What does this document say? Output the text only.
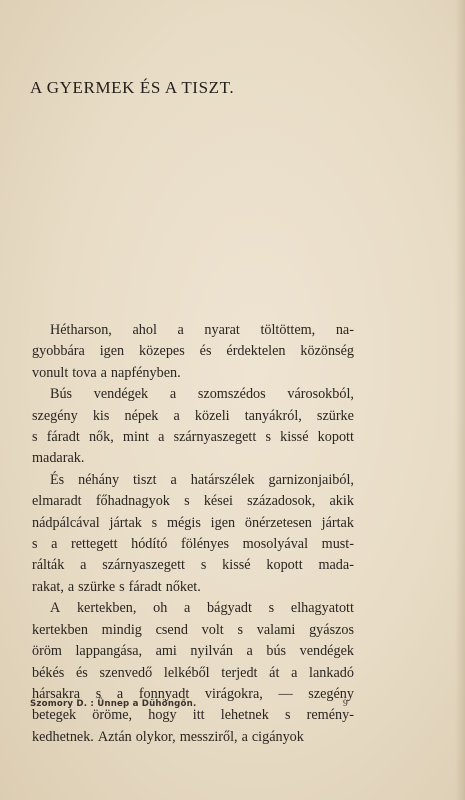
A GYERMEK ÉS A TISZT.
Hétharson, ahol a nyarat töltöttem, na-
gyobbára igen közepes és érdektelen közönség
vonult tova a napfényben.
Bús vendégek a szomszédos városokból,
szegény kis népek a közeli tanyákról, szürke
s fáradt nők, mint a szárnyaszegett s kissé kopott
madarak.
És néhány tiszt a határszélek garnizonjaiból,
elmaradt főhadnagyok s kései századosok, akik
nádpálcával jártak s mégis igen önérzetesen jártak
s a rettegett hódító fölényes mosolyával must-
rálták a szárnyaszegett s kissé kopott mada-
rakat, a szürke s fáradt nőket.
A kertekben, oh a bágyadt s elhagyatott
kertekben mindig csend volt s valami gyászos
öröm lappangása, ami nyilván a bús vendégek
békés és szenvedő lelkéből terjedt át a lankadó
hársakra s a fonnyadt virágokra, — szegény
betegek öröme, hogy itt lehetnek s remény-
kedhetnek. Aztán olykor, messziről, a cigányok
Szomory D. : Ünnep a Dühöngőn.	9
